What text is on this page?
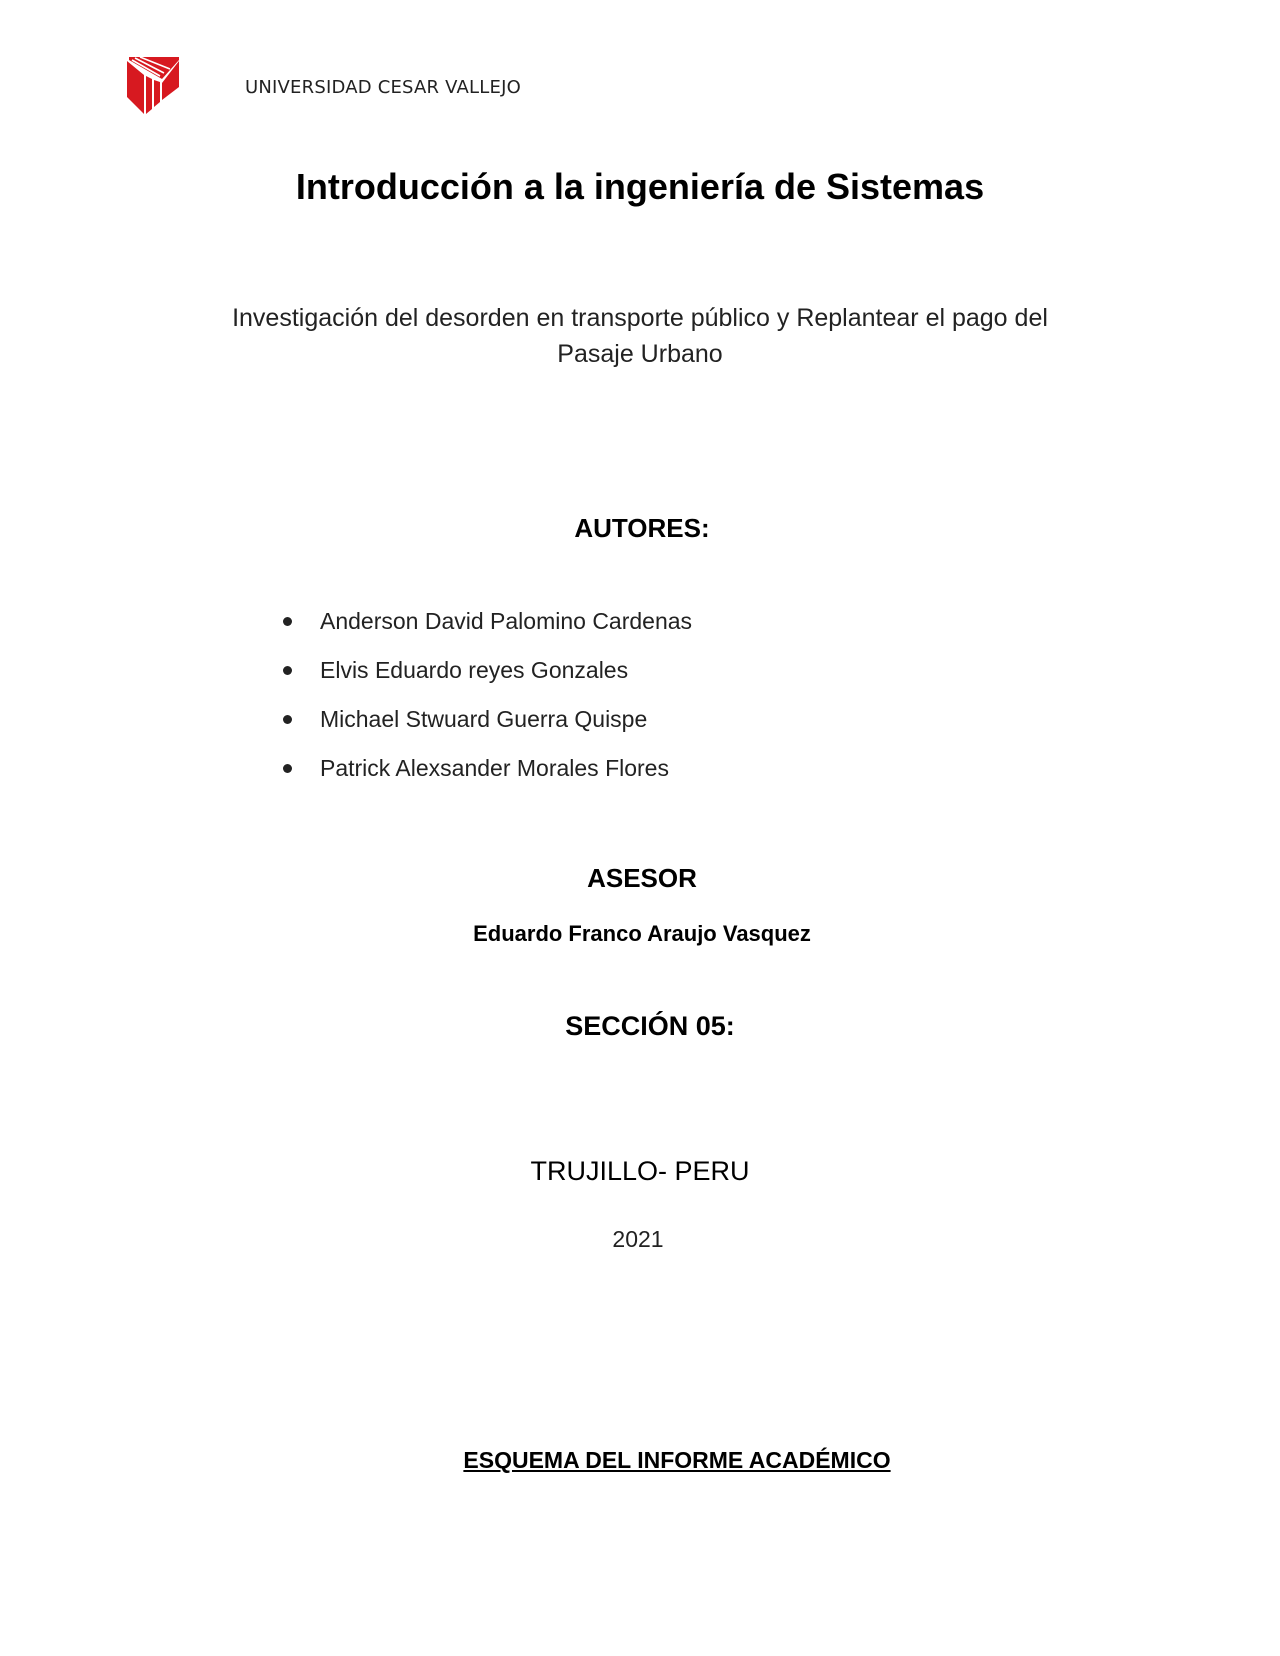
UNIVERSIDAD CESAR VALLEJO
Introducción a la ingeniería de Sistemas
Investigación del desorden en transporte público y Replantear el pago del
Pasaje Urbano
AUTORES:
Anderson David Palomino Cardenas
Elvis Eduardo reyes Gonzales
Michael Stwuard Guerra Quispe
Patrick Alexsander Morales Flores
ASESOR
Eduardo Franco Araujo Vasquez
SECCIÓN 05:
TRUJILLO- PERU
2021
ESQUEMA DEL INFORME ACADÉMICO
